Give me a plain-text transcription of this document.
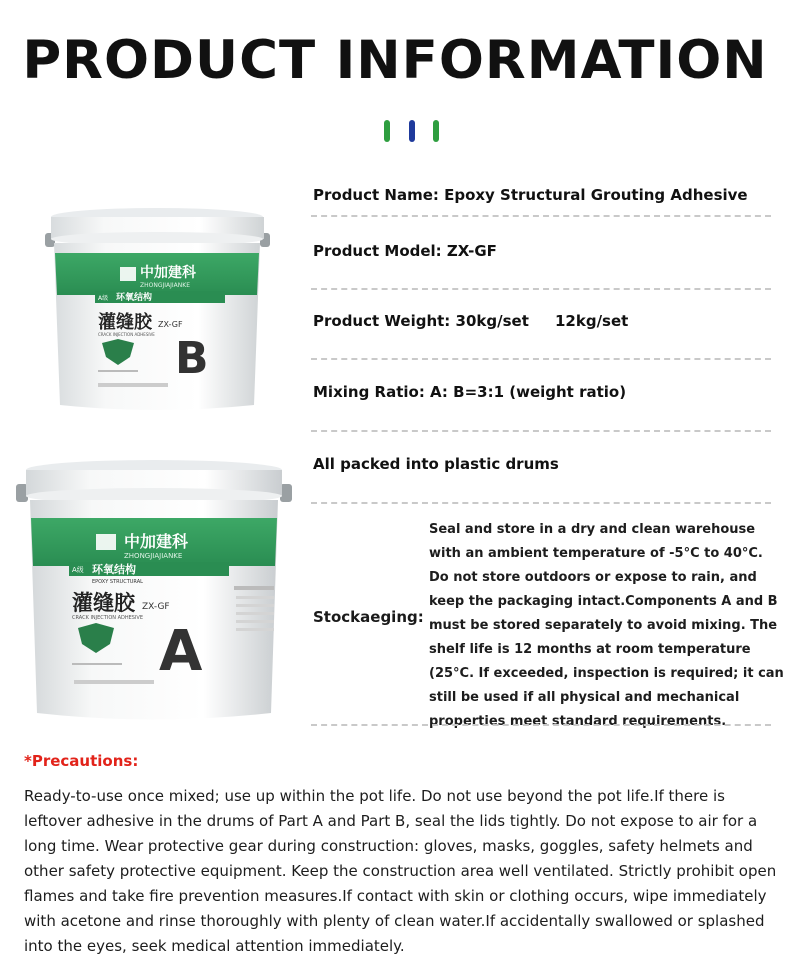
PRODUCT INFORMATION
中加建科
ZHONGJIAJIANKE
A级 环氧结构
灌缝胶 ZX-GF
CRACK INJECTION ADHESIVE B
中加建科
ZHONGJIAJIANKE
A级 环氧结构
EPOXY STRUCTURAL
灌缝胶 ZX-GF
CRACK INJECTION ADHESIVE
A
Product Name: Epoxy Structural Grouting Adhesive
Product Model: ZX-GF
Product Weight: 30kg/set     12kg/set
Mixing Ratio: A: B=3:1 (weight ratio)
All packed into plastic drums
Stockaeging:
Seal and store in a dry and clean warehouse with an ambient temperature of -5°C to 40°C. Do not store outdoors or expose to rain, and keep the packaging intact.Components A and B must be stored separately to avoid mixing. The shelf life is 12 months at room temperature (25°C. If exceeded, inspection is required; it can still be used if all physical and mechanical properties meet standard requirements.
*Precautions:
Ready-to-use once mixed; use up within the pot life. Do not use beyond the pot life.If there is leftover adhesive in the drums of Part A and Part B, seal the lids tightly. Do not expose to air for a long time. Wear protective gear during construction: gloves, masks, goggles, safety helmets and other safety protective equipment. Keep the construction area well ventilated. Strictly prohibit open flames and take fire prevention measures.If contact with skin or clothing occurs, wipe immediately with acetone and rinse thoroughly with plenty of clean water.If accidentally swallowed or splashed into the eyes, seek medical attention immediately.
